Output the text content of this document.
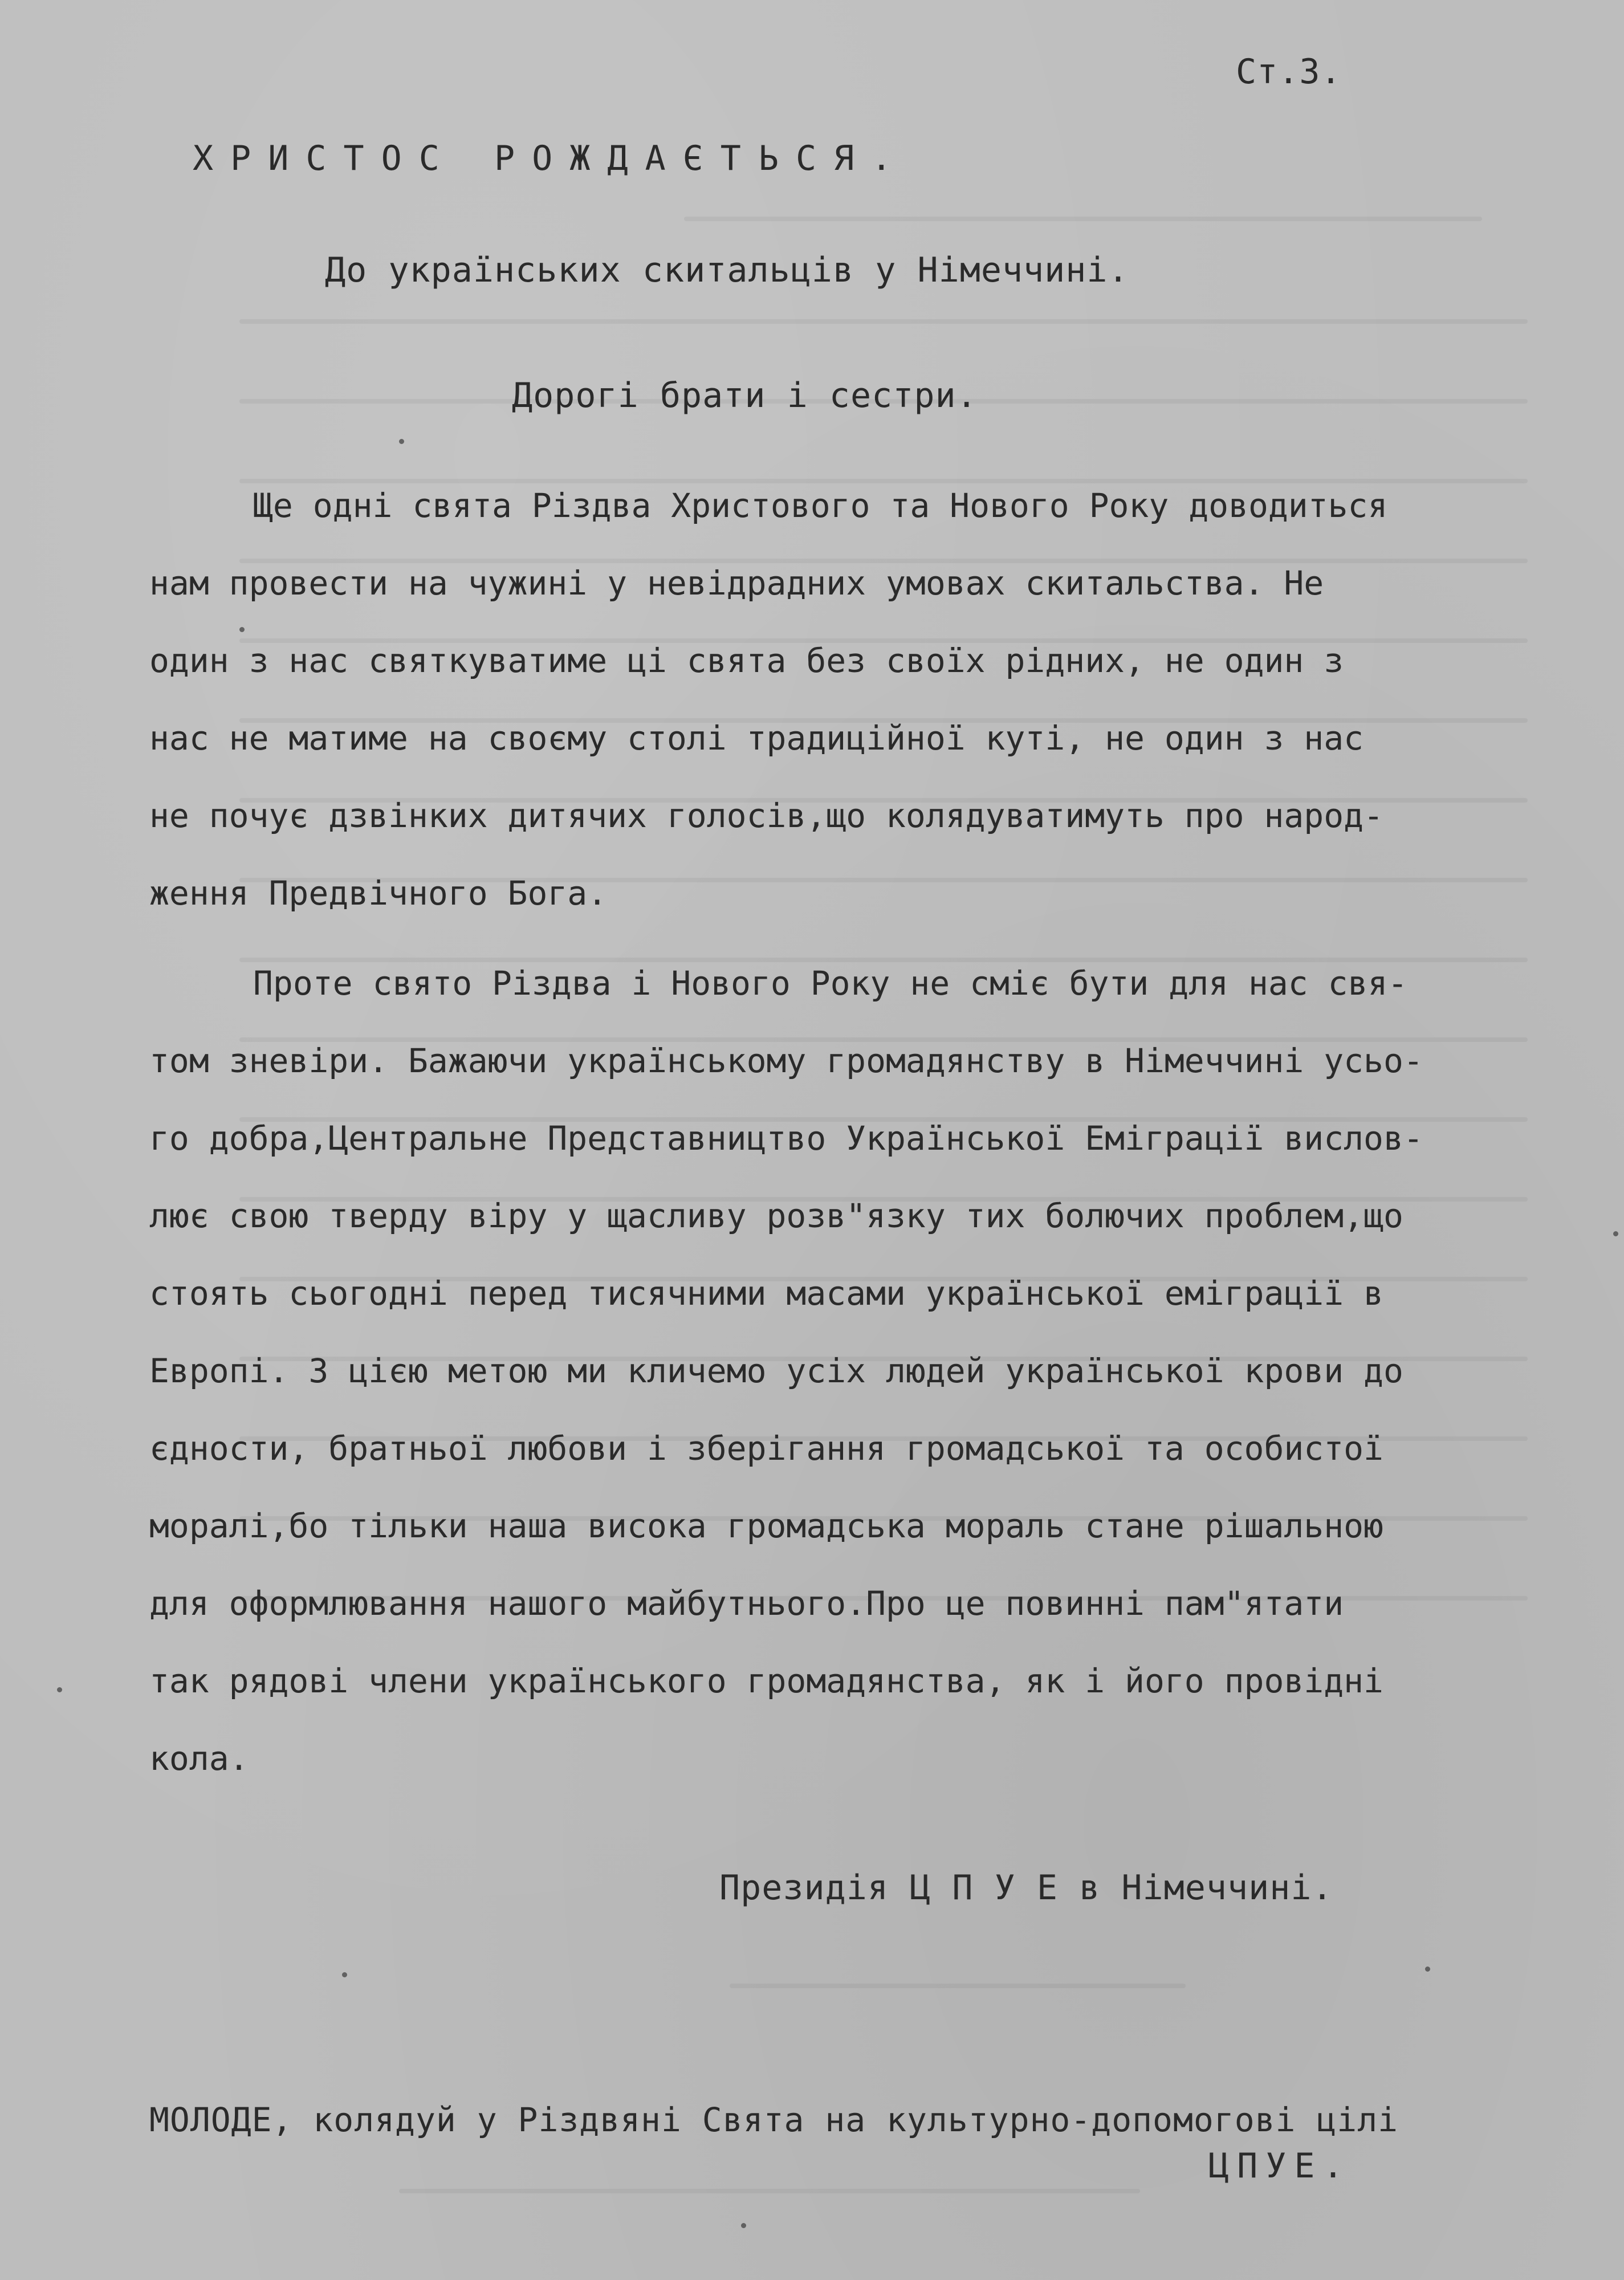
Ст.3.
ХРИСТОС РОЖДАЄТЬСЯ.
До українських скитальців у Німеччині.
Дорогі брати і сестри.
Ще одні свята Різдва Христового та Нового Року доводиться
нам провести на чужині у невідрадних умовах скитальства. Не
один з нас святкуватиме ці свята без своїх рідних, не один з
нас не матиме на своєму столі традиційної куті, не один з нас
не почує дзвінких дитячих голосів,що колядуватимуть про народ-
ження Предвічного Бога.
Проте свято Різдва і Нового Року не сміє бути для нас свя-
том зневіри. Бажаючи українському громадянству в Німеччині усьо-
го добра,Центральне Представництво Української Еміграції вислов-
лює свою тверду віру у щасливу розв"язку тих болючих проблем,що
стоять сьогодні перед тисячними масами української еміграції в
Европі. З цією метою ми кличемо усіх людей української крови до
єдности, братньої любови і зберігання громадської та особистої
моралі,бо тільки наша висока громадська мораль стане рішальною
для оформлювання нашого майбутнього.Про це повинні пам"ятати
так рядові члени українського громадянства, як і його провідні
кола.
Президія Ц П У Е в Німеччині.
МОЛОДЕ, колядуй у Різдвяні Свята на культурно-допомогові цілі
ЦПУЕ.
